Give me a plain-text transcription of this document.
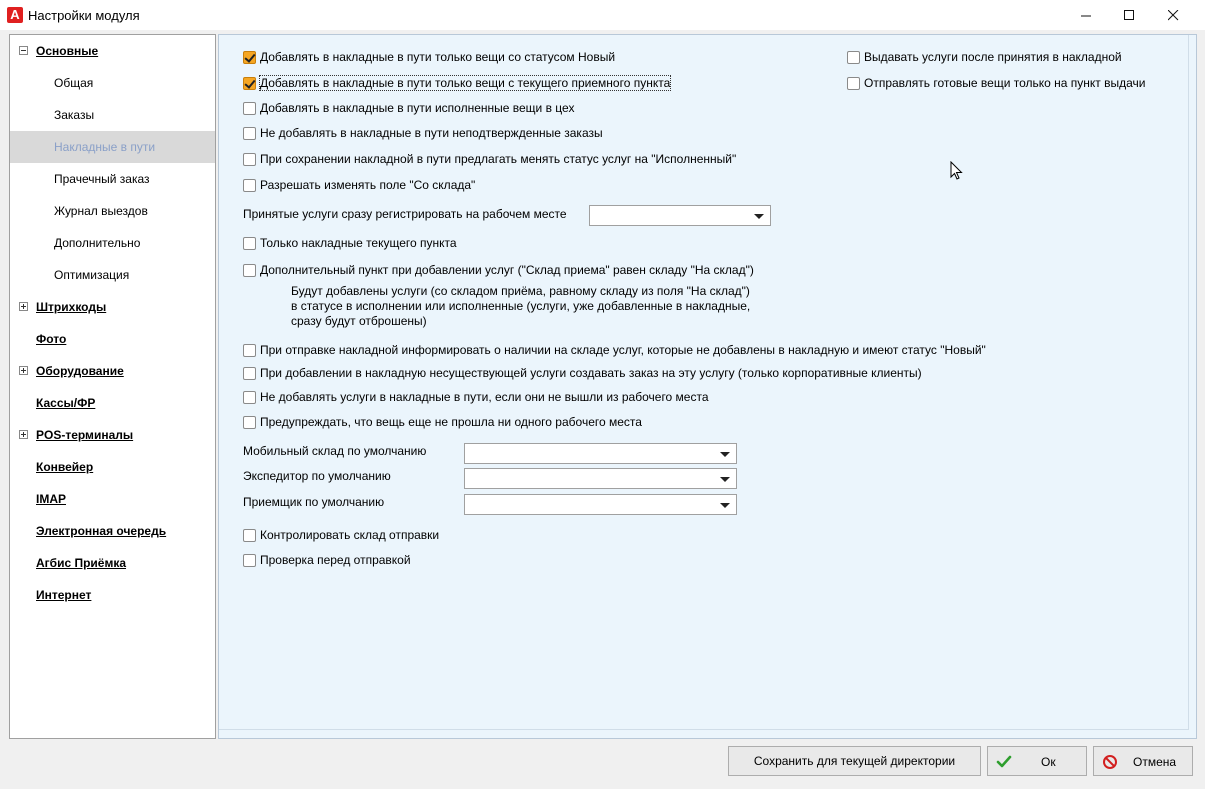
A Настройки модуля
Основные
Общая
Заказы
Накладные в пути
Прачечный заказ
Журнал выездов
Дополнительно
Оптимизация
Штрихкоды
Фото
Оборудование
Кассы/ФР
POS-терминалы
Конвейер
IMAP
Электронная очередь
Агбис Приёмка
Интернет
Добавлять в накладные в пути только вещи со статусом Новый
Добавлять в накладные в пути только вещи с текущего приемного пункта
Добавлять в накладные в пути исполненные вещи в цех
Не добавлять в накладные в пути неподтвержденные заказы
При сохранении накладной в пути предлагать менять статус услуг на "Исполненный"
Разрешать изменять поле "Со склада"
Выдавать услуги после принятия в накладной
Отправлять готовые вещи только на пункт выдачи
Принятые услуги сразу регистрировать на рабочем месте
Только накладные текущего пункта
Дополнительный пункт при добавлении услуг ("Склад приема" равен складу "На склад")
Будут добавлены услуги (со складом приёма, равному складу из поля "На склад")
в статусе в исполнении или исполненные (услуги, уже добавленные в накладные,
сразу будут отброшены)
При отправке накладной информировать о наличии на складе услуг, которые не добавлены в накладную и имеют статус "Новый"
При добавлении в накладную несуществующей услуги создавать заказ на эту услугу (только корпоративные клиенты)
Не добавлять услуги в накладные в пути, если они не вышли из рабочего места
Предупреждать, что вещь еще не прошла ни одного рабочего места
Мобильный склад по умолчанию
Экспедитор по умолчанию
Приемщик по умолчанию
Контролировать склад отправки
Проверка перед отправкой
Сохранить для текущей директории	Ок	Отмена
